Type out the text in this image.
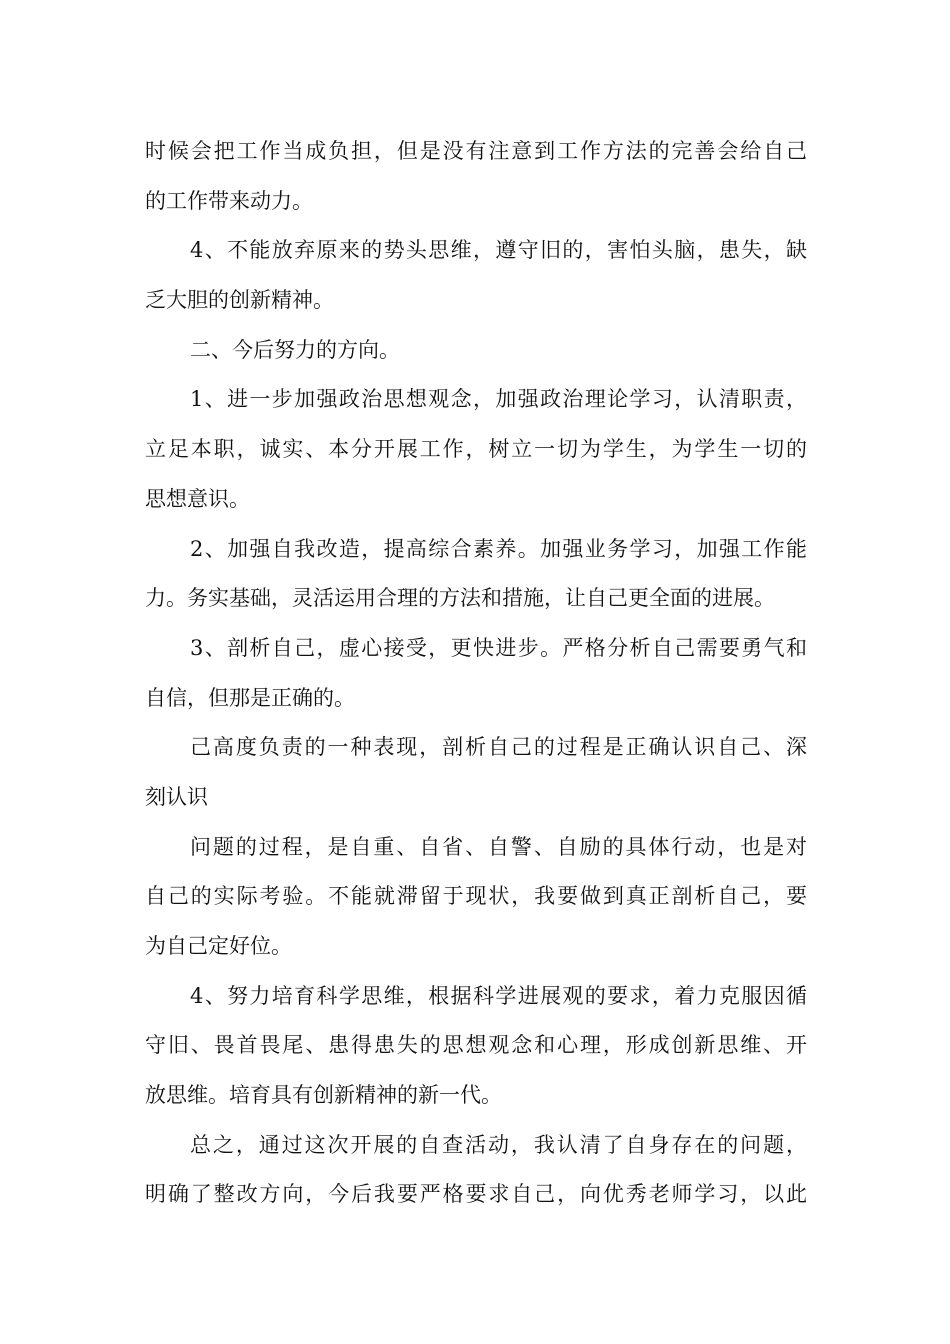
时候会把工作当成负担，但是没有注意到工作方法的完善会给自己
的工作带来动力。
4、不能放弃原来的势头思维，遵守旧的，害怕头脑，患失，缺
乏大胆的创新精神。
二、今后努力的方向。
1、进一步加强政治思想观念，加强政治理论学习，认清职责，
立足本职，诚实、本分开展工作，树立一切为学生，为学生一切的
思想意识。
2、加强自我改造，提高综合素养。加强业务学习，加强工作能
力。务实基础，灵活运用合理的方法和措施，让自己更全面的进展。
3、剖析自己，虚心接受，更快进步。严格分析自己需要勇气和
自信，但那是正确的。
己高度负责的一种表现，剖析自己的过程是正确认识自己、深
刻认识
问题的过程，是自重、自省、自警、自励的具体行动，也是对
自己的实际考验。不能就滞留于现状，我要做到真正剖析自己，要
为自己定好位。
4、努力培育科学思维，根据科学进展观的要求，着力克服因循
守旧、畏首畏尾、患得患失的思想观念和心理，形成创新思维、开
放思维。培育具有创新精神的新一代。
总之，通过这次开展的自查活动，我认清了自身存在的问题，
明确了整改方向，今后我要严格要求自己，向优秀老师学习，以此
